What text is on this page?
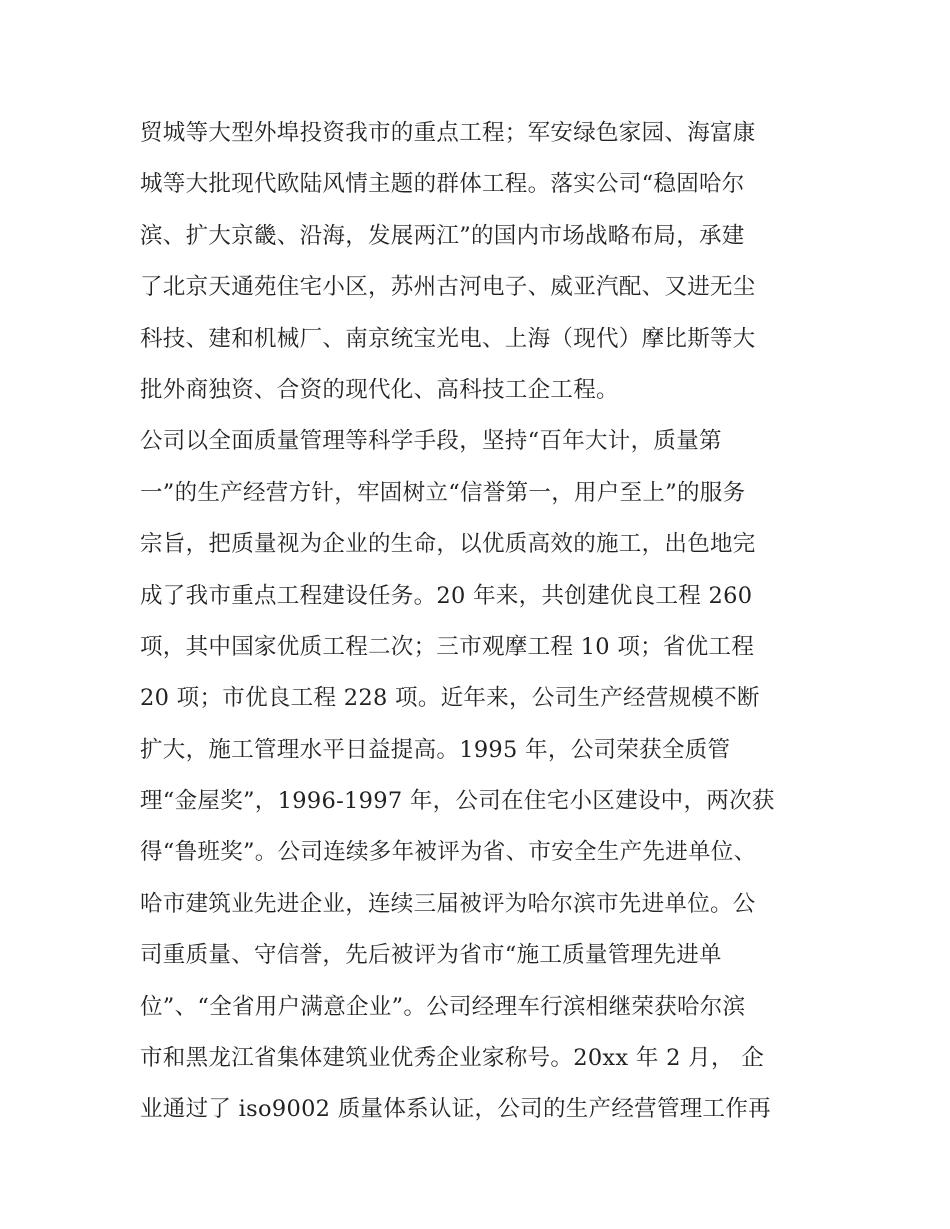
贸城等大型外埠投资我市的重点工程；军安绿色家园、海富康
城等大批现代欧陆风情主题的群体工程。落实公司“稳固哈尔
滨、扩大京畿、沿海，发展两江”的国内市场战略布局，承建
了北京天通苑住宅小区，苏州古河电子、威亚汽配、又进无尘
科技、建和机械厂、南京统宝光电、上海（现代）摩比斯等大
批外商独资、合资的现代化、高科技工企工程。
公司以全面质量管理等科学手段，坚持“百年大计，质量第
一”的生产经营方针，牢固树立“信誉第一，用户至上”的服务
宗旨，把质量视为企业的生命，以优质高效的施工，出色地完
成了我市重点工程建设任务。20 年来，共创建优良工程 260
项，其中国家优质工程二次；三市观摩工程 10 项；省优工程
20 项；市优良工程 228 项。近年来，公司生产经营规模不断
扩大，施工管理水平日益提高。1995 年，公司荣获全质管
理“金屋奖”，1996-1997 年，公司在住宅小区建设中，两次获
得“鲁班奖”。公司连续多年被评为省、市安全生产先进单位、
哈市建筑业先进企业，连续三届被评为哈尔滨市先进单位。公
司重质量、守信誉，先后被评为省市“施工质量管理先进单
位”、“全省用户满意企业”。公司经理车行滨相继荣获哈尔滨
市和黑龙江省集体建筑业优秀企业家称号。20xx 年 2 月， 企
业通过了 iso9002 质量体系认证，公司的生产经营管理工作再
